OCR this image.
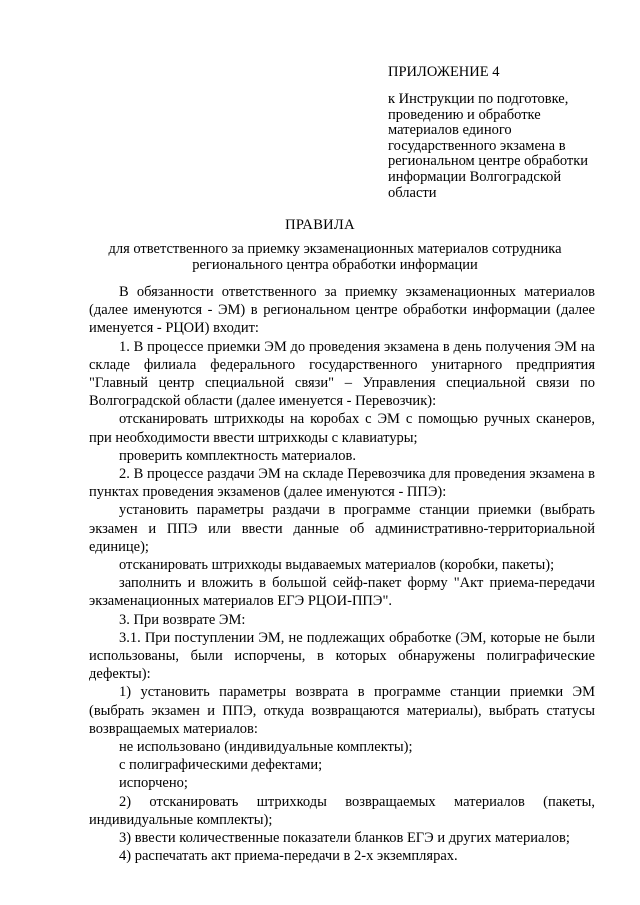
ПРИЛОЖЕНИЕ 4

к Инструкции по подготовке, проведению и обработке материалов единого государственного экзамена в региональном центре обработки информации Волгоградской области

ПРАВИЛА
для ответственного за приемку экзаменационных материалов сотрудника регионального центра обработки информации

В обязанности ответственного за приемку экзаменационных материалов (далее именуются - ЭМ) в региональном центре обработки информации (далее именуется - РЦОИ) входит:

1. В процессе приемки ЭМ до проведения экзамена в день получения ЭМ на складе филиала федерального государственного унитарного предприятия "Главный центр специальной связи" – Управления специальной связи по Волгоградской области (далее именуется - Перевозчик):

отсканировать штрихкоды на коробах с ЭМ с помощью ручных сканеров, при необходимости ввести штрихкоды с клавиатуры;

проверить комплектность материалов.

2. В процессе раздачи ЭМ на складе Перевозчика для проведения экзамена в пунктах проведения экзаменов (далее именуются - ППЭ):

установить параметры раздачи в программе станции приемки (выбрать экзамен и ППЭ или ввести данные об административно-территориальной единице);

отсканировать штрихкоды выдаваемых материалов (коробки, пакеты);

заполнить и вложить в большой сейф-пакет форму "Акт приема-передачи экзаменационных материалов ЕГЭ РЦОИ-ППЭ".

3. При возврате ЭМ:

3.1. При поступлении ЭМ, не подлежащих обработке (ЭМ, которые не были использованы, были испорчены, в которых обнаружены полиграфические дефекты):

1) установить параметры возврата в программе станции приемки ЭМ (выбрать экзамен и ППЭ, откуда возвращаются материалы), выбрать статусы возвращаемых материалов:

не использовано (индивидуальные комплекты);

с полиграфическими дефектами;

испорчено;

2) отсканировать штрихкоды возвращаемых материалов (пакеты, индивидуальные комплекты);

3) ввести количественные показатели бланков ЕГЭ и других материалов;

4) распечатать акт приема-передачи в 2-х экземплярах.
